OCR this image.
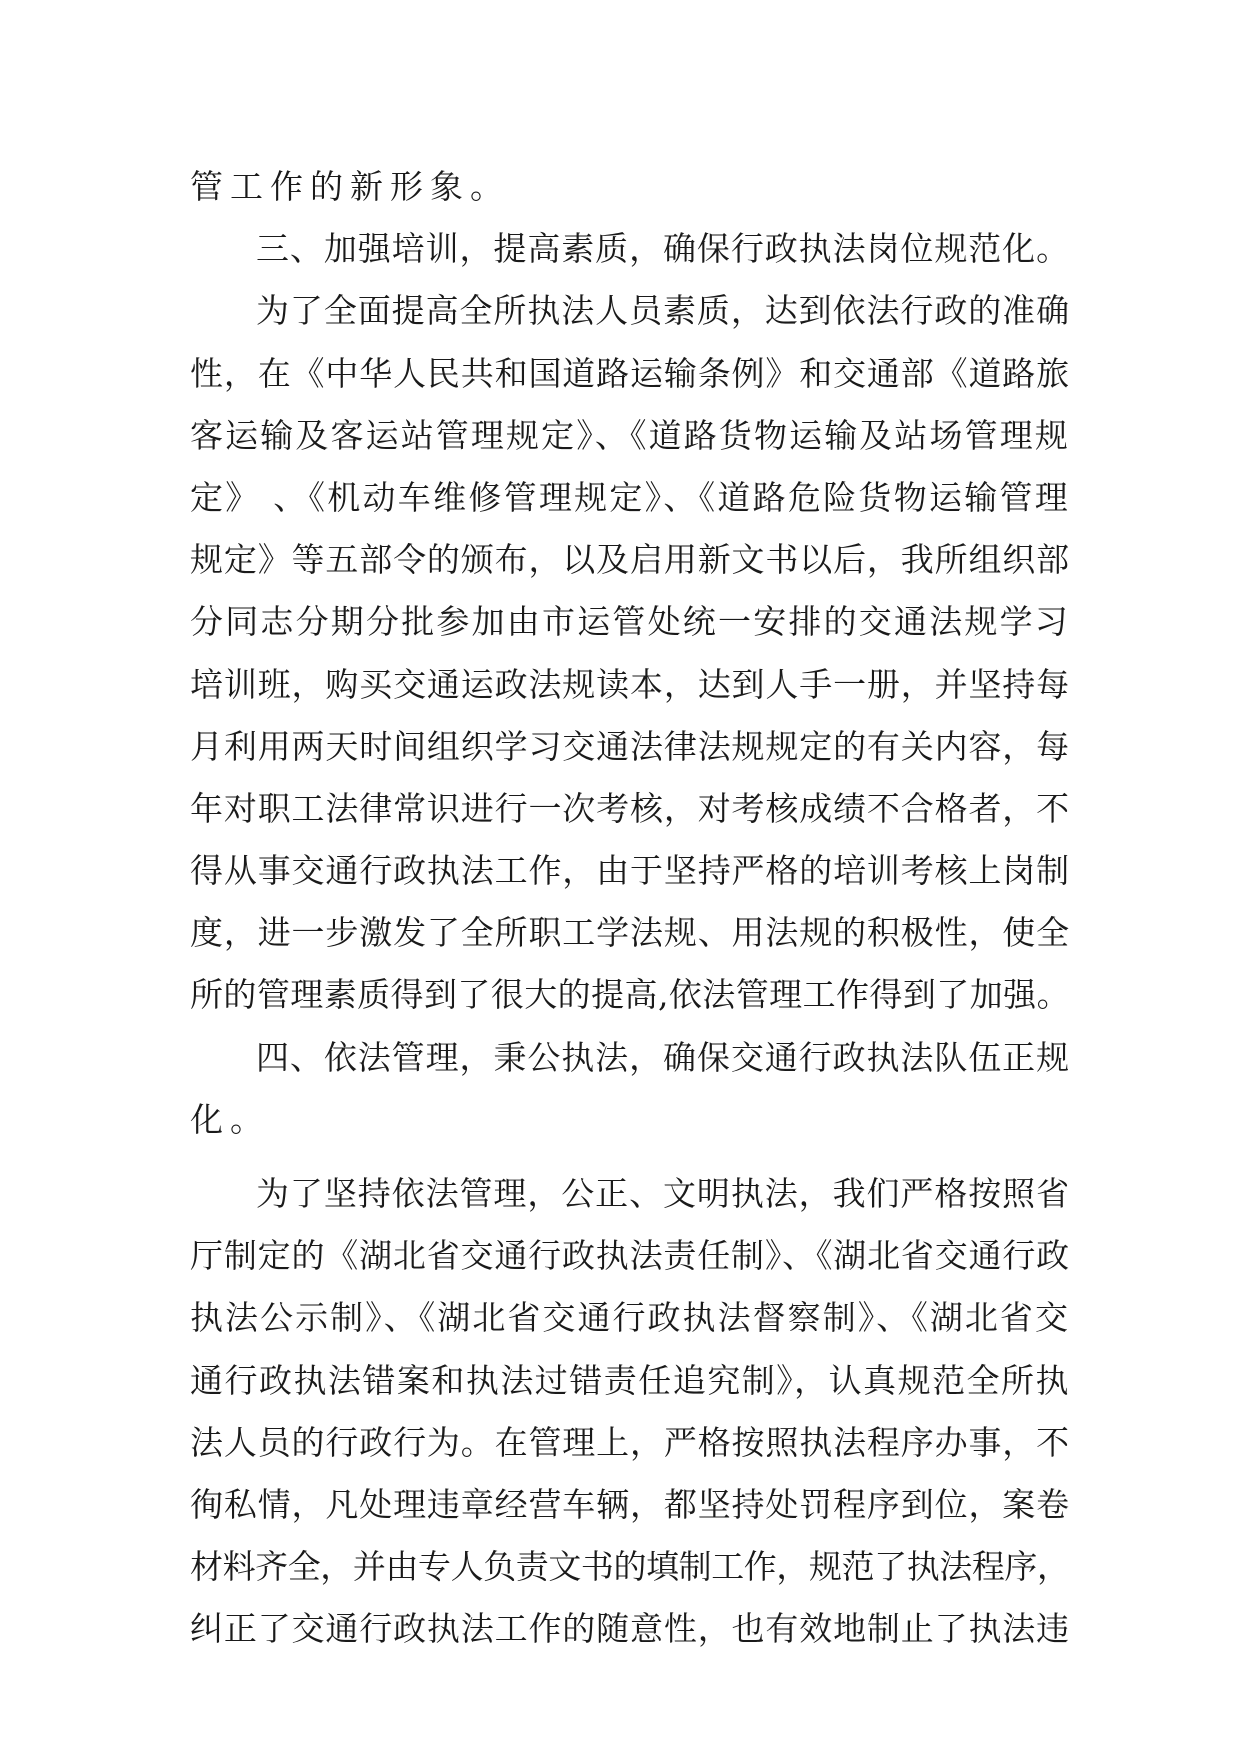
管工作的新形象。
三、加强培训，提高素质，确保行政执法岗位规范化。
为了全面提高全所执法人员素质，达到依法行政的准确
性，在《中华人民共和国道路运输条例》和交通部《道路旅
客运输及客运站管理规定》、《道路货物运输及站场管理规
定》 、《机动车维修管理规定》、《道路危险货物运输管理
规定》等五部令的颁布，以及启用新文书以后，我所组织部
分同志分期分批参加由市运管处统一安排的交通法规学习
培训班，购买交通运政法规读本，达到人手一册，并坚持每
月利用两天时间组织学习交通法律法规规定的有关内容，每
年对职工法律常识进行一次考核，对考核成绩不合格者，不
得从事交通行政执法工作，由于坚持严格的培训考核上岗制
度，进一步激发了全所职工学法规、用法规的积极性，使全
所的管理素质得到了很大的提高,依法管理工作得到了加强。
四、依法管理，秉公执法，确保交通行政执法队伍正规
化。
为了坚持依法管理，公正、文明执法，我们严格按照省
厅制定的《湖北省交通行政执法责任制》、《湖北省交通行政
执法公示制》、《湖北省交通行政执法督察制》、《湖北省交
通行政执法错案和执法过错责任追究制》，认真规范全所执
法人员的行政行为。在管理上，严格按照执法程序办事，不
徇私情，凡处理违章经营车辆，都坚持处罚程序到位，案卷
材料齐全，并由专人负责文书的填制工作，规范了执法程序，
纠正了交通行政执法工作的随意性，也有效地制止了执法违
